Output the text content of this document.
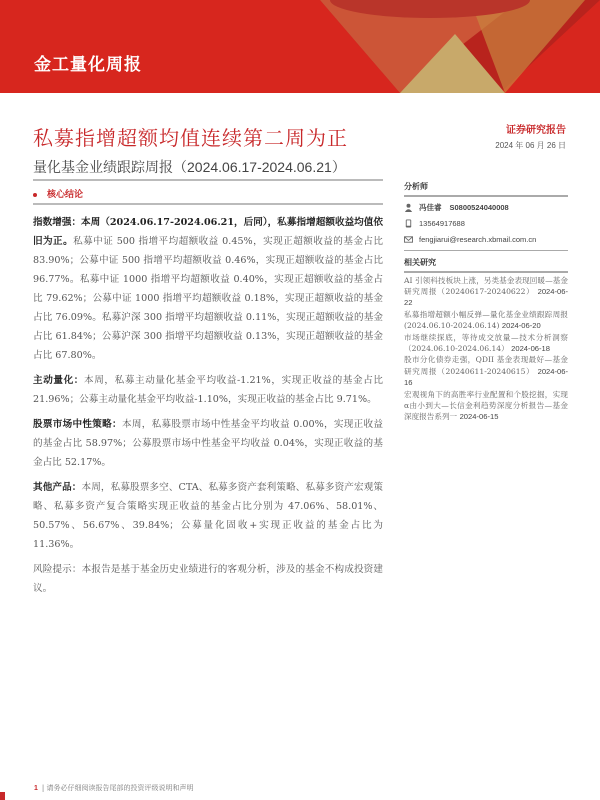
金工量化周报
私募指增超额均值连续第二周为正
量化基金业绩跟踪周报（2024.06.17-2024.06.21）
核心结论
证券研究报告
2024 年 06 月 26 日

指数增强：本周（2024.06.17-2024.06.21，后同），私募指增超额收益均值依旧为正。私募中证 500 指增平均超额收益 0.45%，实现正超额收益的基金占比 83.90%；公募中证 500 指增平均超额收益 0.46%，实现正超额收益的基金占比 96.77%。私募中证 1000 指增平均超额收益 0.40%，实现正超额收益的基金占比 79.62%；公募中证 1000 指增平均超额收益 0.18%，实现正超额收益的基金占比 76.09%。私募沪深 300 指增平均超额收益 0.11%，实现正超额收益的基金占比 61.84%；公募沪深 300 指增平均超额收益 0.13%，实现正超额收益的基金占比 67.80%。

主动量化：本周，私募主动量化基金平均收益-1.21%，实现正收益的基金占比 21.96%；公募主动量化基金平均收益-1.10%，实现正收益的基金占比 9.71%。

股票市场中性策略：本周，私募股票市场中性基金平均收益 0.00%，实现正收益的基金占比 58.97%；公募股票市场中性基金平均收益 0.04%，实现正收益的基金占比 52.17%。

其他产品：本周，私募股票多空、CTA、私募多资产套利策略、私募多资产宏观策略、私募多资产复合策略实现正收益的基金占比分别为 47.06%、58.01%、50.57%、56.67%、39.84%；公募量化固收+实现正收益的基金占比为 11.36%。

风险提示：本报告是基于基金历史业绩进行的客观分析，涉及的基金不构成投资建议。

分析师
冯佳睿 S0800524040008
13564917688
fengjiarui@research.xbmail.com.cn
相关研究
AI 引领科技板块上涨，另类基金表现回暖—基金研究周报（20240617-20240622） 2024-06-22
私募指增超额小幅反弹—量化基金业绩跟踪周报(2024.06.10-2024.06.14) 2024-06-20
市场继续探底，等待成交放量—技术分析洞察（2024.06.10-2024.06.14） 2024-06-18
股市分化债券走强，QDII 基金表现最好—基金研究周报（20240611-20240615） 2024-06-16
宏观视角下的高胜率行业配置和个股挖掘，实现α由小到大—长信金利趋势深度分析报告—基金深度报告系列一 2024-06-15
1 | 请务必仔细阅读报告尾部的投资评级说明和声明
